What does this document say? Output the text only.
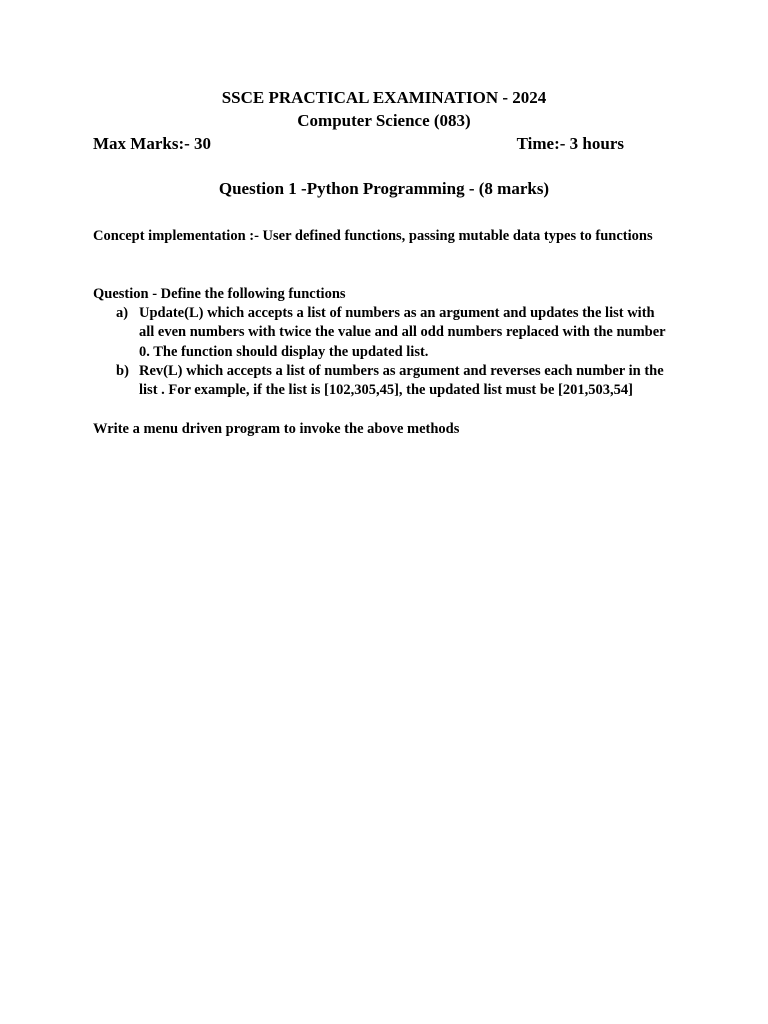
SSCE PRACTICAL EXAMINATION - 2024
Computer Science (083)
Max Marks:- 30	Time:- 3 hours
Question 1 -Python Programming - (8 marks)
Concept implementation :- User defined functions, passing mutable data types to functions
Question - Define the following functions
a) Update(L) which accepts a list of numbers as an argument and updates the list with all even numbers with twice the value and all odd numbers replaced with the number 0. The function should display the updated list.
b) Rev(L) which accepts a list of numbers as argument and reverses each number in the list . For example, if the list is [102,305,45], the updated list must be [201,503,54]
Write a menu driven program to invoke the above methods
